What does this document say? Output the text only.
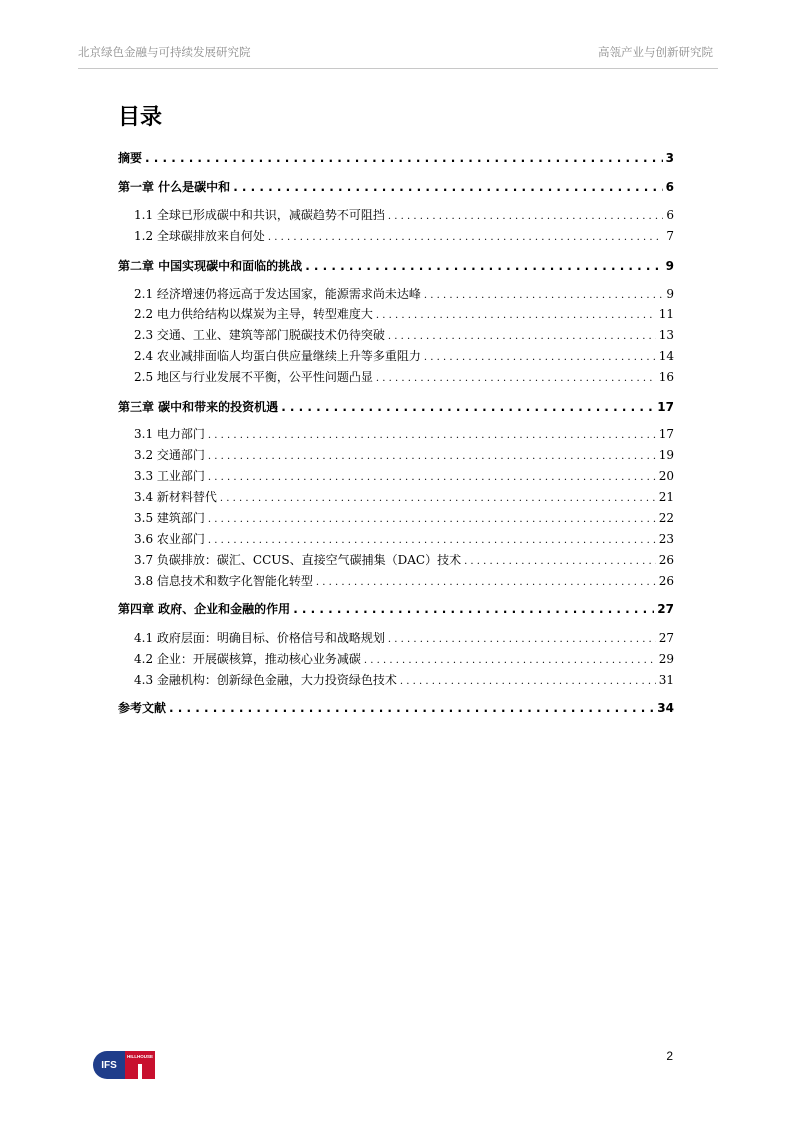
北京绿色金融与可持续发展研究院	高瓴产业与创新研究院
目录
摘要 . . .	3
第一章 什么是碳中和 . . .	6
1.1 全球已形成碳中和共识，减碳趋势不可阻挡 . . .	6
1.2 全球碳排放来自何处 . . .	7
第二章 中国实现碳中和面临的挑战 . . .	9
2.1 经济增速仍将远高于发达国家，能源需求尚未达峰 . . .	9
2.2 电力供给结构以煤炭为主导，转型难度大 . . .	11
2.3 交通、工业、建筑等部门脱碳技术仍待突破 . . .	13
2.4 农业减排面临人均蛋白供应量继续上升等多重阻力 . . .	14
2.5 地区与行业发展不平衡，公平性问题凸显 . . .	16
第三章 碳中和带来的投资机遇 . . .	17
3.1 电力部门 . . .	17
3.2 交通部门 . . .	19
3.3 工业部门 . . .	20
3.4 新材料替代 . . .	21
3.5 建筑部门 . . .	22
3.6 农业部门 . . .	23
3.7 负碳排放：碳汇、CCUS、直接空气碳捕集（DAC）技术 . . .	26
3.8 信息技术和数字化智能化转型 . . .	26
第四章 政府、企业和金融的作用 . . .	27
4.1 政府层面：明确目标、价格信号和战略规划 . . .	27
4.2 企业：开展碳核算，推动核心业务减碳 . . .	29
4.3 金融机构：创新绿色金融，大力投资绿色技术 . . .	31
参考文献 . . .	34
IFS
HILLHOUSE	2
